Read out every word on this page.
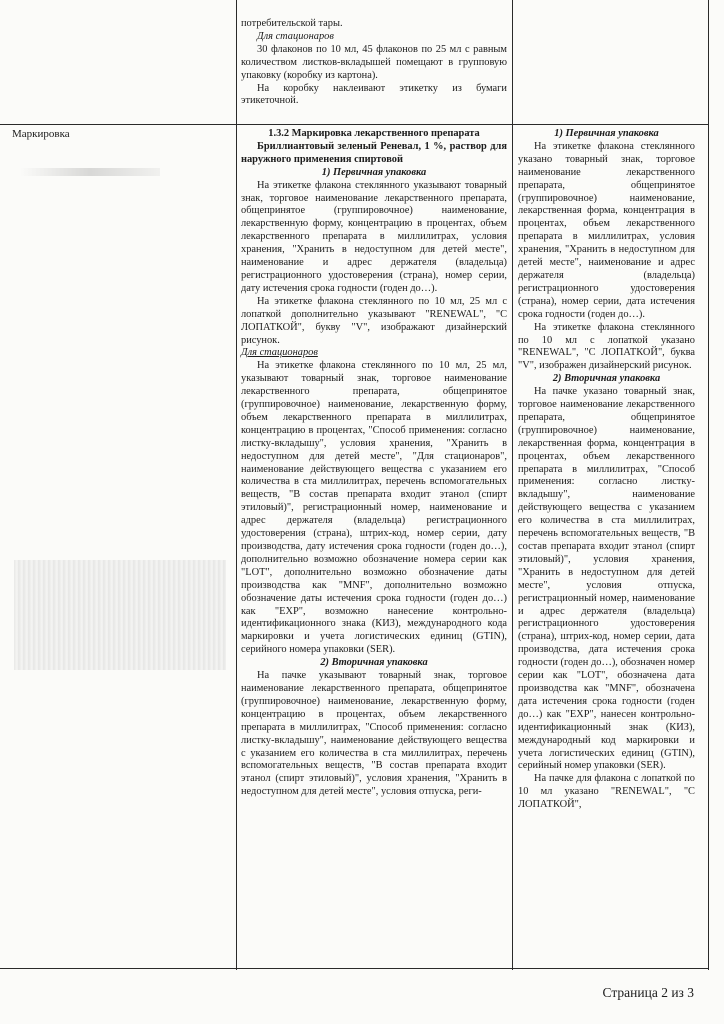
потребительской тары.

Для стационаров

30 флаконов по 10 мл, 45 флаконов по 25 мл с равным количеством листков-вкладышей помещают в групповую упаковку (коробку из картона).

На коробку наклеивают этикетку из бумаги этикеточной.

Маркировка	1.3.2 Маркировка лекарственного препарата

Бриллиантовый зеленый Реневал, 1 %, раствор для наружного применения спиртовой

1) Первичная упаковка

На этикетке флакона стеклянного указывают товарный знак, торговое наименование лекарственного препарата, общепринятое (группировочное) наименование, лекарственную форму, концентрацию в процентах, объем лекарственного препарата в миллилитрах, условия хранения, "Хранить в недоступном для детей месте", наименование и адрес держателя (владельца) регистрационного удостоверения (страна), номер серии, дату истечения срока годности (годен до…).

На этикетке флакона стеклянного по 10 мл, 25 мл с лопаткой дополнительно указывают "RENEWAL", "С ЛОПАТКОЙ", букву "V", изображают дизайнерский рисунок.

Для стационаров

На этикетке флакона стеклянного по 10 мл, 25 мл, указывают товарный знак, торговое наименование лекарственного препарата, общепринятое (группировочное) наименование, лекарственную форму, объем лекарственного препарата в миллилитрах, концентрацию в процентах, "Способ применения: согласно листку-вкладышу", условия хранения, "Хранить в недоступном для детей месте", "Для стационаров", наименование действующего вещества с указанием его количества в ста миллилитрах, перечень вспомогательных веществ, "В состав препарата входит этанол (спирт этиловый)", регистрационный номер, наименование и адрес держателя (владельца) регистрационного удостоверения (страна), штрих-код, номер серии, дату производства, дату истечения срока годности (годен до…), дополнительно возможно обозначение номера серии как "LOT", дополнительно возможно обозначение даты производства как "MNF", дополнительно возможно обозначение даты истечения срока годности (годен до…) как "EXP", возможно нанесение контрольно-идентификационного знака (КИЗ), международного кода маркировки и учета логистических единиц (GTIN), серийного номера упаковки (SER).

2) Вторичная упаковка

На пачке указывают товарный знак, торговое наименование лекарственного препарата, общепринятое (группировочное) наименование, лекарственную форму, концентрацию в процентах, объем лекарственного препарата в миллилитрах, "Способ применения: согласно листку-вкладышу", наименование действующего вещества с указанием его количества в ста миллилитрах, перечень вспомогательных веществ, "В состав препарата входит этанол (спирт этиловый)", условия хранения, "Хранить в недоступном для детей месте", условия отпуска, реги-

1) Первичная упаковка

На этикетке флакона стеклянного указано товарный знак, торговое наименование лекарственного препарата, общепринятое (группировочное) наименование, лекарственная форма, концентрация в процентах, объем лекарственного препарата в миллилитрах, условия хранения, "Хранить в недоступном для детей месте", наименование и адрес держателя (владельца) регистрационного удостоверения (страна), номер серии, дата истечения срока годности (годен до…).

На этикетке флакона стеклянного по 10 мл с лопаткой указано "RENEWAL", "С ЛОПАТКОЙ", буква "V", изображен дизайнерский рисунок.

2) Вторичная упаковка

На пачке указано товарный знак, торговое наименование лекарственного препарата, общепринятое (группировочное) наименование, лекарственная форма, концентрация в процентах, объем лекарственного препарата в миллилитрах, "Способ применения: согласно листку-вкладышу", наименование действующего вещества с указанием его количества в ста миллилитрах, перечень вспомогательных веществ, "В состав препарата входит этанол (спирт этиловый)", условия хранения, "Хранить в недоступном для детей месте", условия отпуска, регистрационный номер, наименование и адрес держателя (владельца) регистрационного удостоверения (страна), штрих-код, номер серии, дата производства, дата истечения срока годности (годен до…), обозначен номер серии как "LOT", обозначена дата производства как "MNF", обозначена дата истечения срока годности (годен до…) как "EXP", нанесен контрольно-идентификационный знак (КИЗ), международный код маркировки и учета логистических единиц (GTIN), серийный номер упаковки (SER).

На пачке для флакона с лопаткой по 10 мл указано "RENEWAL", "С ЛОПАТКОЙ",

Страница 2 из 3
